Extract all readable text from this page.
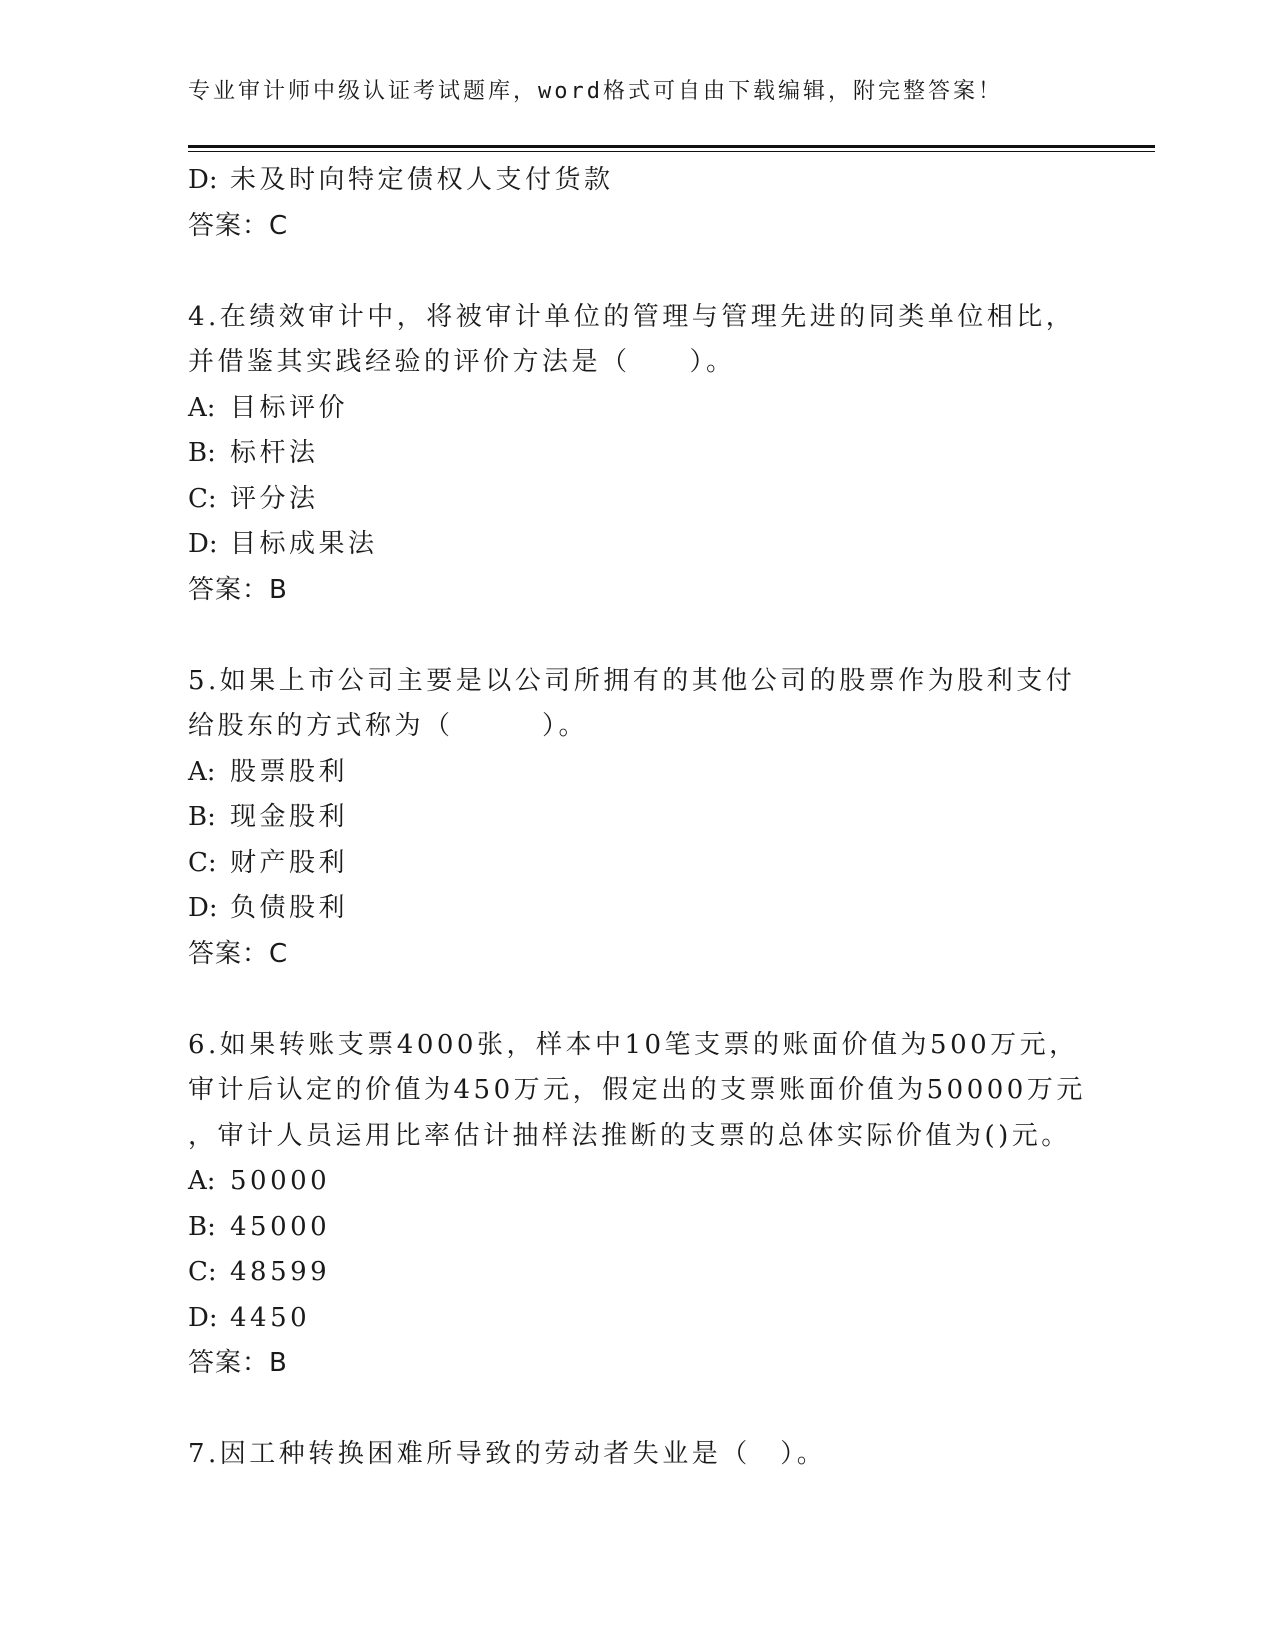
专业审计师中级认证考试题库，word格式可自由下载编辑，附完整答案！
D: 未及时向特定债权人支付货款
答案：C
4.在绩效审计中，将被审计单位的管理与管理先进的同类单位相比，
并借鉴其实践经验的评价方法是（　　）。
A: 目标评价
B: 标杆法
C: 评分法
D: 目标成果法
答案：B
5.如果上市公司主要是以公司所拥有的其他公司的股票作为股利支付
给股东的方式称为（　　　）。
A: 股票股利
B: 现金股利
C: 财产股利
D: 负债股利
答案：C
6.如果转账支票4000张，样本中10笔支票的账面价值为500万元，
审计后认定的价值为450万元，假定出的支票账面价值为50000万元
，审计人员运用比率估计抽样法推断的支票的总体实际价值为()元。
A: 50000
B: 45000
C: 48599
D: 4450
答案：B
7.因工种转换困难所导致的劳动者失业是（　）。
